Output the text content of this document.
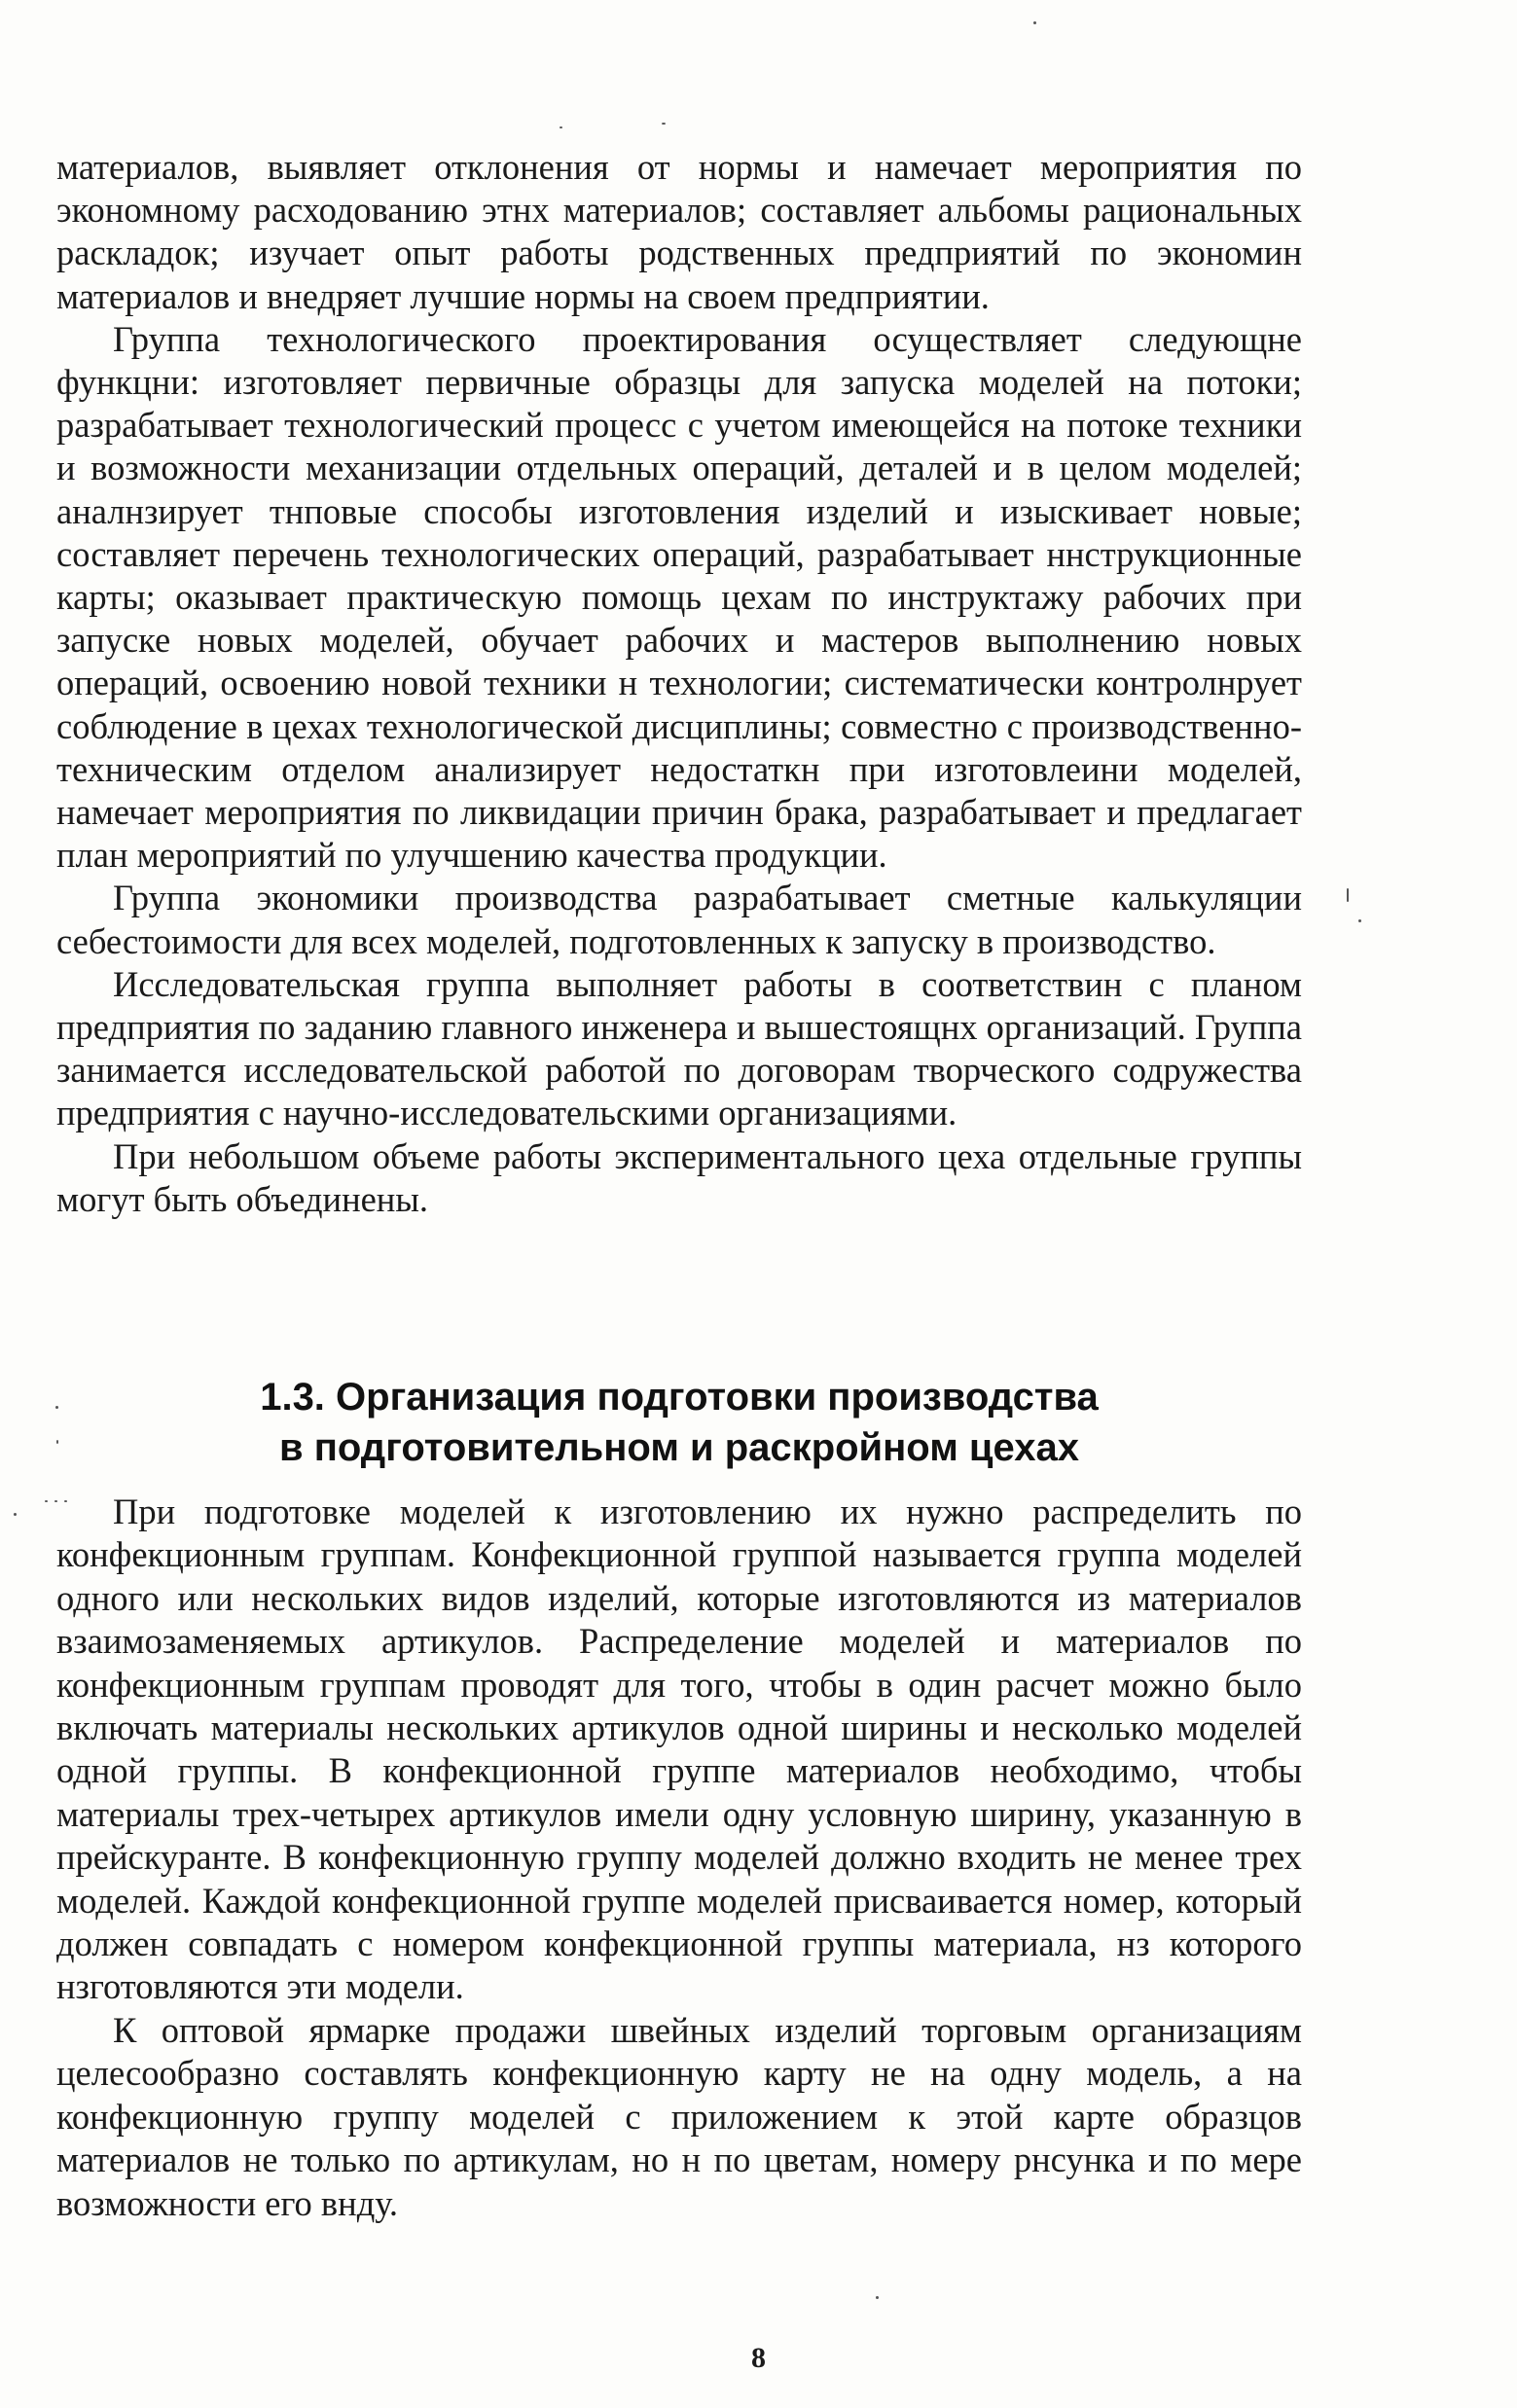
материалов, выявляет отклонения от нормы и намечает мероприятия по экономному расходованию этнх материалов; составляет альбомы рациональных раскладок; изучает опыт работы родственных предприятий по экономин материалов и внедряет лучшие нормы на своем предприятии.

Группа технологического проектирования осуществляет следующне функцни: изготовляет первичные образцы для запуска моделей на потоки; разрабатывает технологический процесс с учетом имеющейся на потоке техники и возможности механизации отдельных операций, деталей и в целом моделей; аналнзирует тнповые способы изготовления изделий и изыскивает новые; составляет перечень технологических операций, разрабатывает ннструкционные карты; оказывает практическую помощь цехам по инструктажу рабочих при запуске новых моделей, обучает рабочих и мастеров выполнению новых операций, освоению новой техники н технологии; систематически контролнрует соблюдение в цехах технологической дисциплины; совместно с производственно-техническим отделом анализирует недостаткн при изготовлеини моделей, намечает мероприятия по ликвидации причин брака, разрабатывает и предлагает план мероприятий по улучшению качества продукции.

Группа экономики производства разрабатывает сметные калькуляции себестоимости для всех моделей, подготовленных к запуску в производство.

Исследовательская группа выполняет работы в соответствин с планом предприятия по заданию главного инженера и вышестоящнх организаций. Группа занимается исследовательской работой по договорам творческого содружества предприятия с научно-исследовательскими организациями.

При небольшом объеме работы экспериментального цеха отдельные группы могут быть объединены.

1.3. Организация подготовки производства
в подготовительном и раскройном цехах

При подготовке моделей к изготовлению их нужно распределить по конфекционным группам. Конфекционной группой называется группа моделей одного или нескольких видов изделий, которые изготовляются из материалов взаимозаменяемых артикулов. Распределение моделей и материалов по конфекционным группам проводят для того, чтобы в один расчет можно было включать материалы нескольких артикулов одной ширины и несколько моделей одной группы. В конфекционной группе материалов необходимо, чтобы материалы трех-четырех артикулов имели одну условную ширину, указанную в прейскуранте. В конфекционную группу моделей должно входить не менее трех моделей. Каждой конфекционной группе моделей присваивается номер, который должен совпадать с номером конфекционной группы материала, нз которого нзготовляются эти модели.

К оптовой ярмарке продажи швейных изделий торговым организациям целесообразно составлять конфекционную карту не на одну модель, а на конфекционную группу моделей с приложением к этой карте образцов материалов не только по артикулам, но н по цветам, номеру рнсунка и по мере возможности его внду.

8
